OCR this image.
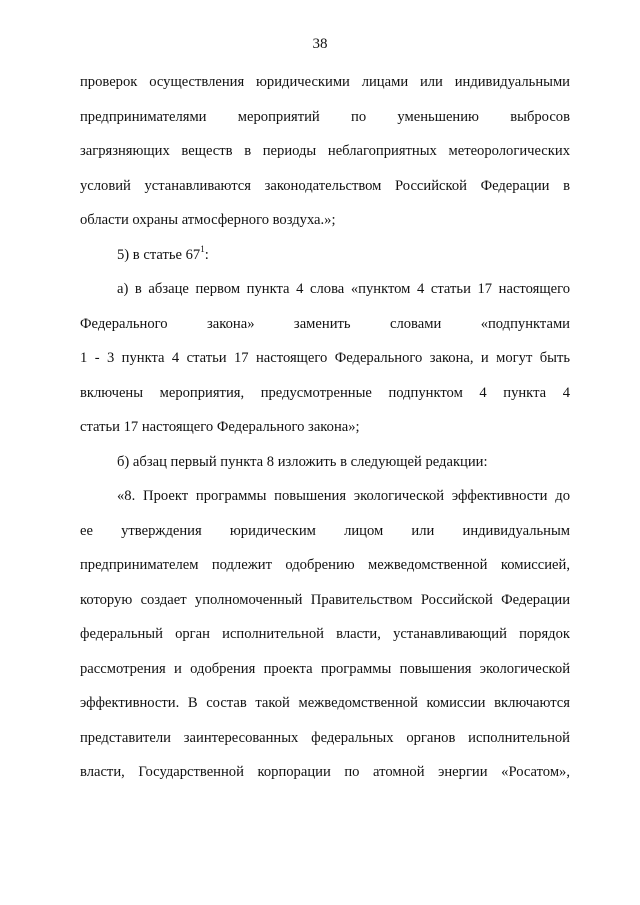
38
проверок осуществления юридическими лицами или индивидуальными
предпринимателями мероприятий по уменьшению выбросов
загрязняющих веществ в периоды неблагоприятных метеорологических
условий устанавливаются законодательством Российской Федерации в
области охраны атмосферного воздуха.»;
5) в статье $67^1$:
а) в абзаце первом пункта 4 слова «пунктом 4 статьи 17 настоящего
Федерального закона» заменить словами «подпунктами
1 - 3 пункта 4 статьи 17 настоящего Федерального закона, и могут быть
включены мероприятия, предусмотренные подпунктом 4 пункта 4
статьи 17 настоящего Федерального закона»;
б) абзац первый пункта 8 изложить в следующей редакции:
«8. Проект программы повышения экологической эффективности до
ее утверждения юридическим лицом или индивидуальным
предпринимателем подлежит одобрению межведомственной комиссией,
которую создает уполномоченный Правительством Российской Федерации
федеральный орган исполнительной власти, устанавливающий порядок
рассмотрения и одобрения проекта программы повышения экологической
эффективности. В состав такой межведомственной комиссии включаются
представители заинтересованных федеральных органов исполнительной
власти, Государственной корпорации по атомной энергии «Росатом»,
